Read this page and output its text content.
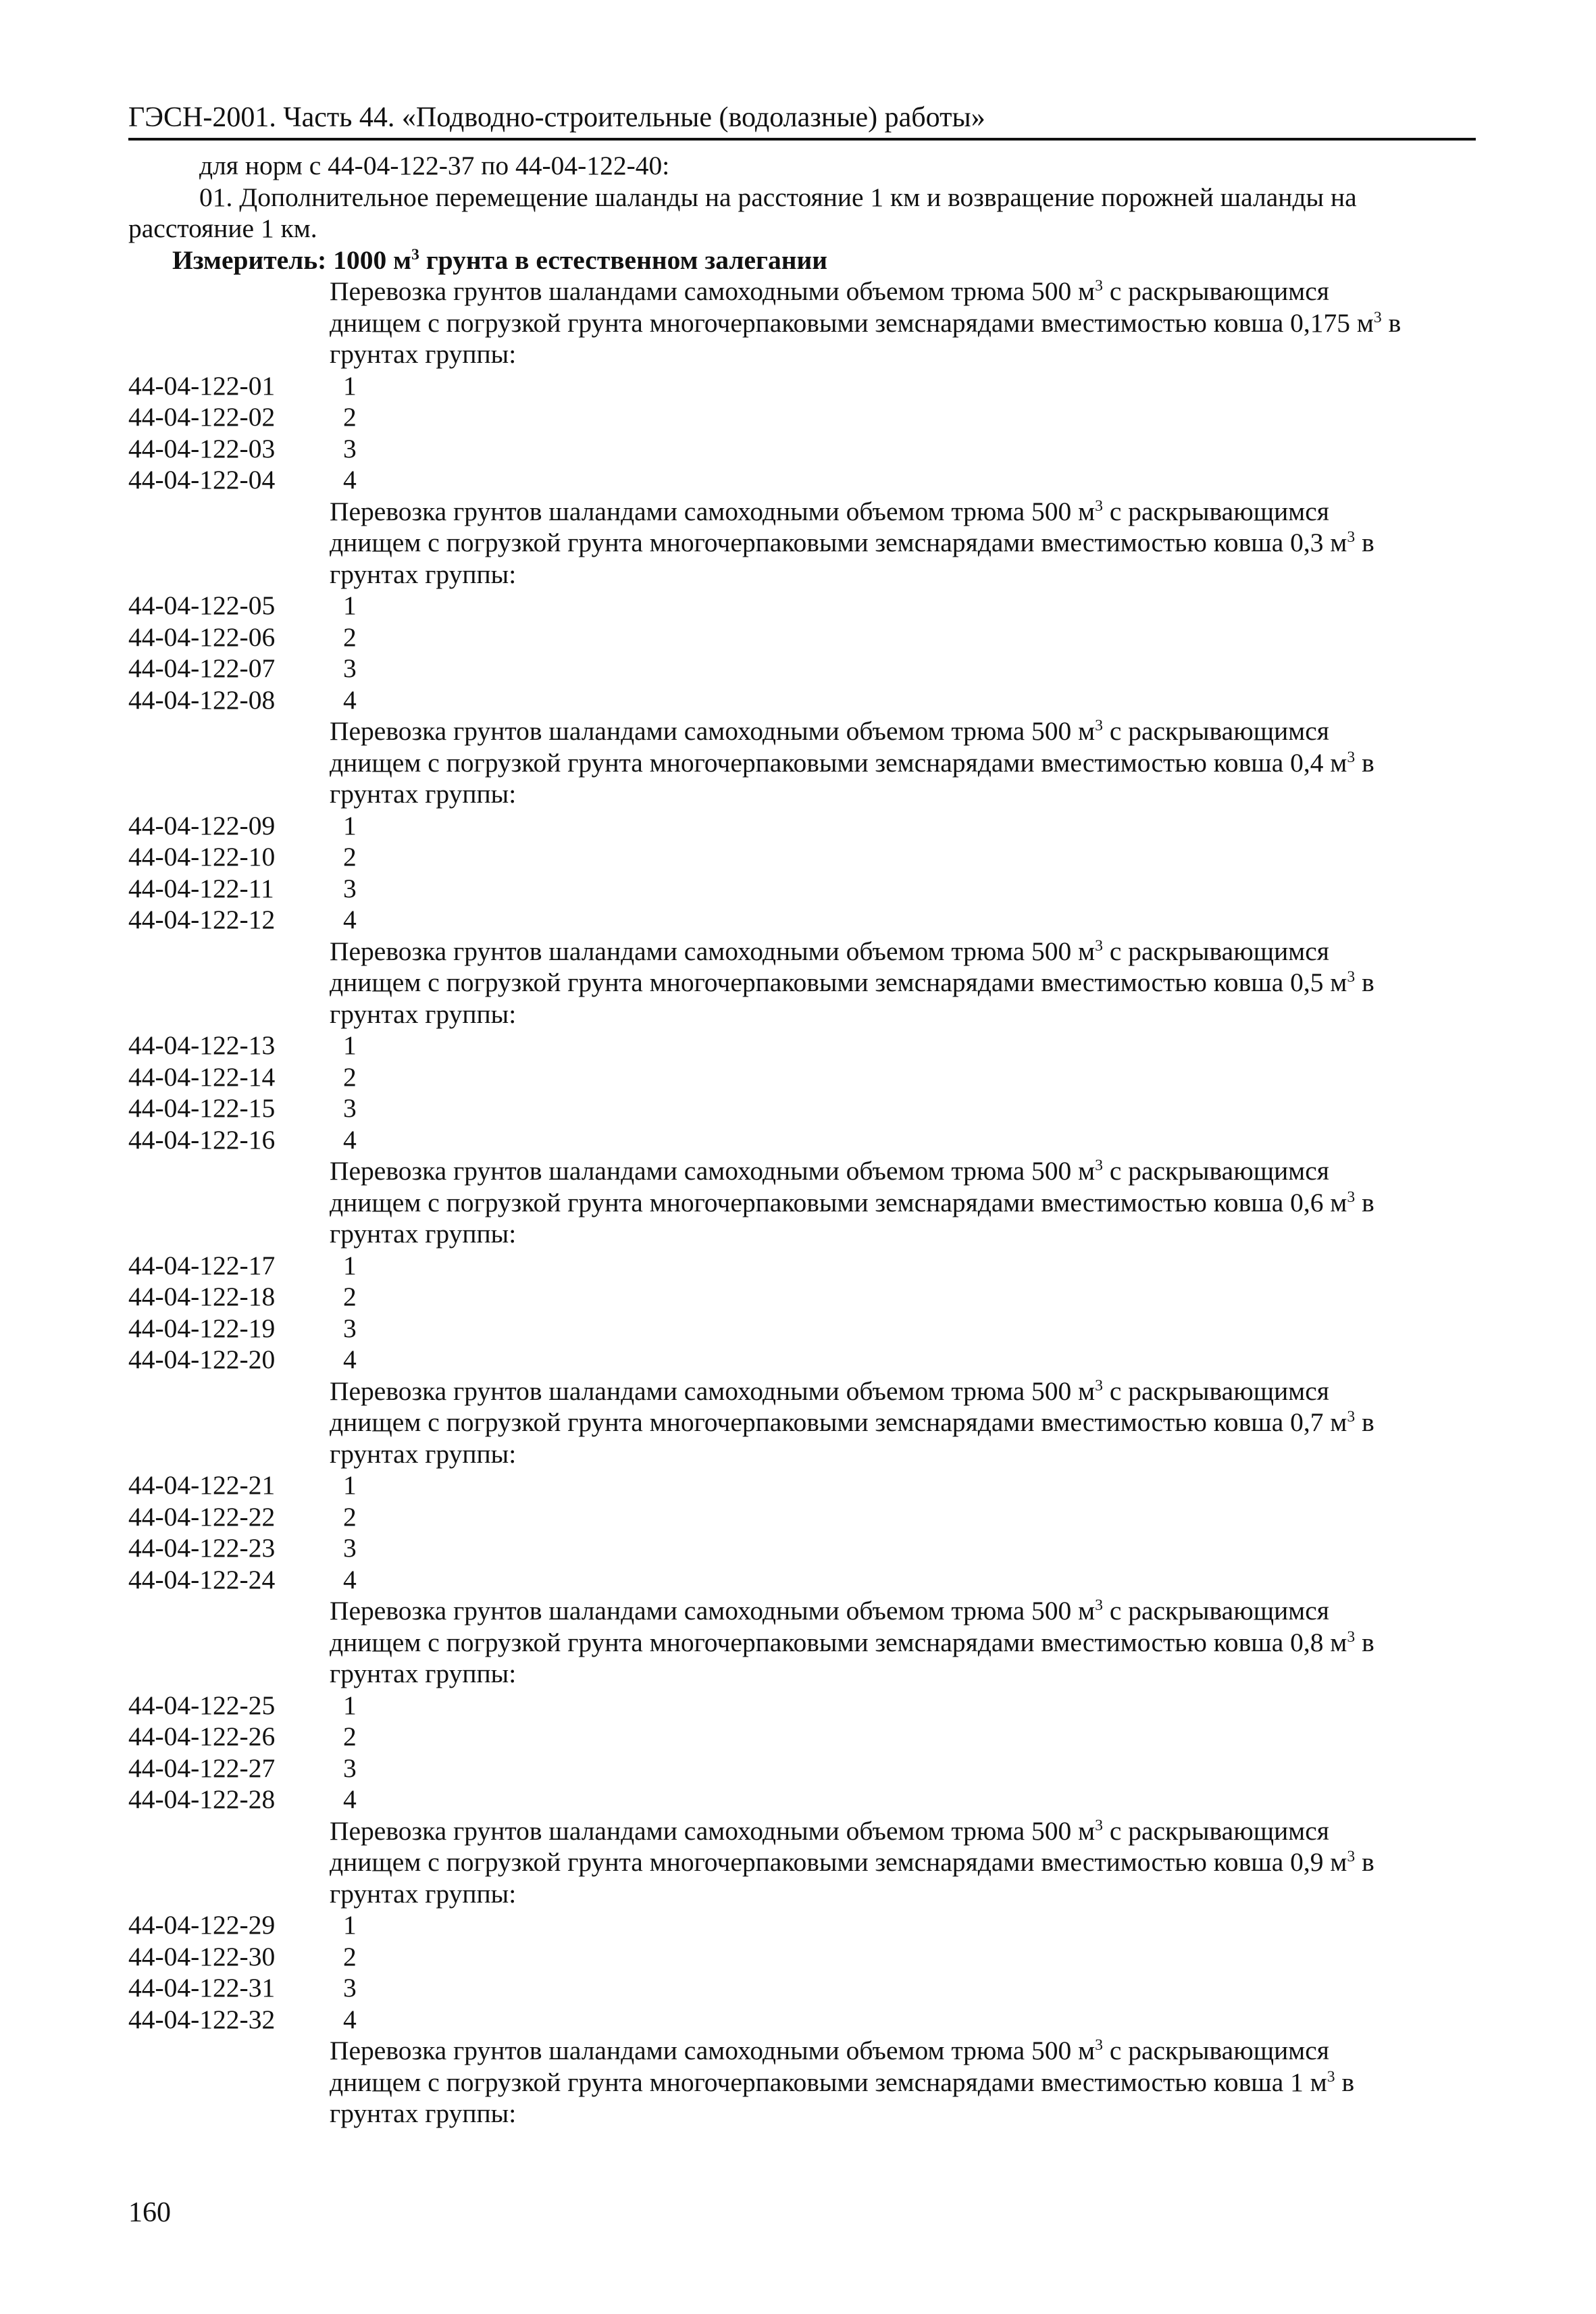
ГЭСН-2001. Часть 44. «Подводно-строительные (водолазные) работы»
для норм с 44-04-122-37 по 44-04-122-40:
01. Дополнительное перемещение шаланды на расстояние 1 км и возвращение порожней шаланды на
расстояние 1 км.
Измеритель: 1000 $м^3$ грунта в естественном залегании
Перевозка грунтов шаландами самоходными объемом трюма 500 $м^3$ с раскрывающимся
днищем с погрузкой грунта многочерпаковыми земснарядами вместимостью ковша 0,175 $м^3$ в
грунтах группы:
44-04-122-01	1
44-04-122-02	2
44-04-122-03	3
44-04-122-04	4
Перевозка грунтов шаландами самоходными объемом трюма 500 $м^3$ с раскрывающимся
днищем с погрузкой грунта многочерпаковыми земснарядами вместимостью ковша 0,3 $м^3$ в
грунтах группы:
44-04-122-05	1
44-04-122-06	2
44-04-122-07	3
44-04-122-08	4
Перевозка грунтов шаландами самоходными объемом трюма 500 $м^3$ с раскрывающимся
днищем с погрузкой грунта многочерпаковыми земснарядами вместимостью ковша 0,4 $м^3$ в
грунтах группы:
44-04-122-09	1
44-04-122-10	2
44-04-122-11	3
44-04-122-12	4
Перевозка грунтов шаландами самоходными объемом трюма 500 $м^3$ с раскрывающимся
днищем с погрузкой грунта многочерпаковыми земснарядами вместимостью ковша 0,5 $м^3$ в
грунтах группы:
44-04-122-13	1
44-04-122-14	2
44-04-122-15	3
44-04-122-16	4
Перевозка грунтов шаландами самоходными объемом трюма 500 $м^3$ с раскрывающимся
днищем с погрузкой грунта многочерпаковыми земснарядами вместимостью ковша 0,6 $м^3$ в
грунтах группы:
44-04-122-17	1
44-04-122-18	2
44-04-122-19	3
44-04-122-20	4
Перевозка грунтов шаландами самоходными объемом трюма 500 $м^3$ с раскрывающимся
днищем с погрузкой грунта многочерпаковыми земснарядами вместимостью ковша 0,7 $м^3$ в
грунтах группы:
44-04-122-21	1
44-04-122-22	2
44-04-122-23	3
44-04-122-24	4
Перевозка грунтов шаландами самоходными объемом трюма 500 $м^3$ с раскрывающимся
днищем с погрузкой грунта многочерпаковыми земснарядами вместимостью ковша 0,8 $м^3$ в
грунтах группы:
44-04-122-25	1
44-04-122-26	2
44-04-122-27	3
44-04-122-28	4
Перевозка грунтов шаландами самоходными объемом трюма 500 $м^3$ с раскрывающимся
днищем с погрузкой грунта многочерпаковыми земснарядами вместимостью ковша 0,9 $м^3$ в
грунтах группы:
44-04-122-29	1
44-04-122-30	2
44-04-122-31	3
44-04-122-32	4
Перевозка грунтов шаландами самоходными объемом трюма 500 $м^3$ с раскрывающимся
днищем с погрузкой грунта многочерпаковыми земснарядами вместимостью ковша 1 $м^3$ в
грунтах группы:
160
